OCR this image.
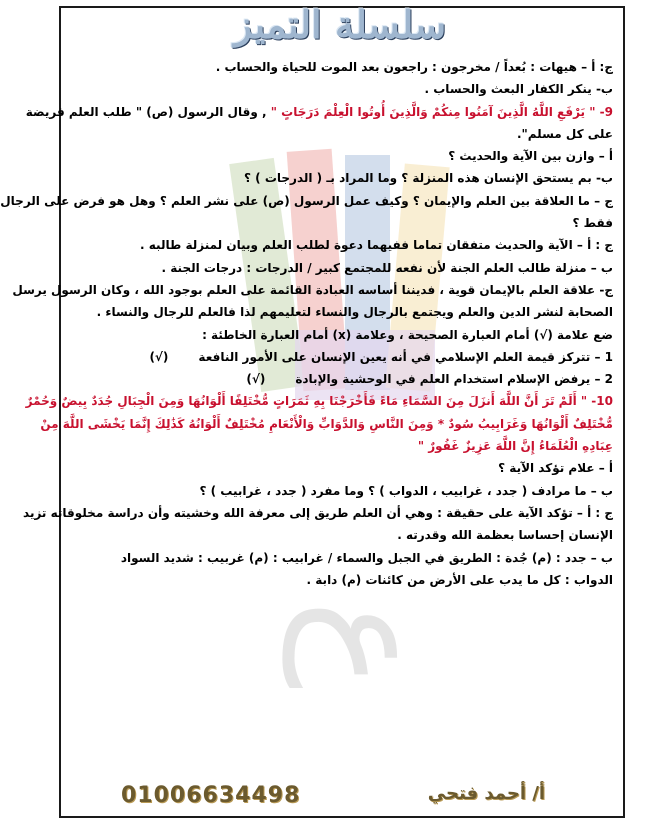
سلسلة التميز
ع
ج: أ – هيهات : بُعداً / مخرجون : راجعون بعد الموت للحياة والحساب .
ب- ينكر الكفار البعث والحساب .
9- " يَرْفَعِ اللَّهُ الَّذِينَ آمَنُوا مِنكُمْ وَالَّذِينَ أُوتُوا الْعِلْمَ دَرَجَاتٍ " , وقال الرسول (ص) " طلب العلم فريضة
على كل مسلم".
أ – وازن بين الآية والحديث ؟
ب- بم يستحق الإنسان هذه المنزلة ؟ وما المراد بـ ( الدرجات ) ؟
ج – ما العلاقة بين العلم والإيمان ؟ وكيف عمل الرسول (ص) على نشر العلم ؟ وهل هو فرض على الرجال
فقط ؟
ج : أ – الآية والحديث متفقان تماما ففيهما دعوة لطلب العلم وبيان لمنزلة طالبه .
ب – منزلة طالب العلم الجنة لأن نفعه للمجتمع كبير / الدرجات : درجات الجنة .
ج- علاقة العلم بالإيمان قوية ، فديننا أساسه العبادة القائمة على العلم بوجود الله ، وكان الرسول يرسل
الصحابة لنشر الدين والعلم ويجتمع بالرجال والنساء لتعليمهم لذا فالعلم للرجال والنساء .
ضع علامة (√) أمام العبارة الصحيحة ، وعلامة (x) أمام العبارة الخاطئة :
1 – تتركز قيمة العلم الإسلامي في أنه يعين الإنسان على الأمور النافعة(√)
2 – يرفض الإسلام استخدام العلم في الوحشية والإبادة(√)
10- " أَلَمْ تَرَ أَنَّ اللَّهَ أَنزَلَ مِنَ السَّمَاءِ مَاءً فَأَخْرَجْنَا بِهِ ثَمَرَاتٍ مُّخْتَلِفًا أَلْوَانُهَا وَمِنَ الْجِبَالِ جُدَدٌ بِيضٌ وَحُمْرٌ
مُّخْتَلِفٌ أَلْوَانُهَا وَغَرَابِيبُ سُودٌ * وَمِنَ النَّاسِ وَالدَّوَابِّ وَالْأَنْعَامِ مُخْتَلِفٌ أَلْوَانُهُ كَذَٰلِكَ إِنَّمَا يَخْشَى اللَّهَ مِنْ
عِبَادِهِ الْعُلَمَاءُ إِنَّ اللَّهَ عَزِيزٌ غَفُورٌ "
أ – علام تؤكد الآية ؟
ب – ما مرادف ( جدد ، غرابيب ، الدواب ) ؟ وما مفرد ( جدد ، غرابيب ) ؟
ج : أ – تؤكد الآية على حقيقة : وهي أن العلم طريق إلى معرفة الله وخشيته وأن دراسة مخلوقاته تزيد
الإنسان إحساسا بعظمة الله وقدرته .
ب – جدد : (م) جُدة : الطريق في الجبل والسماء / غرابيب : (م) غربيب : شديد السواد
الدواب : كل ما يدب على الأرض من كائنات (م) دابة .
أ/ أحمد فتحي
01006634498
